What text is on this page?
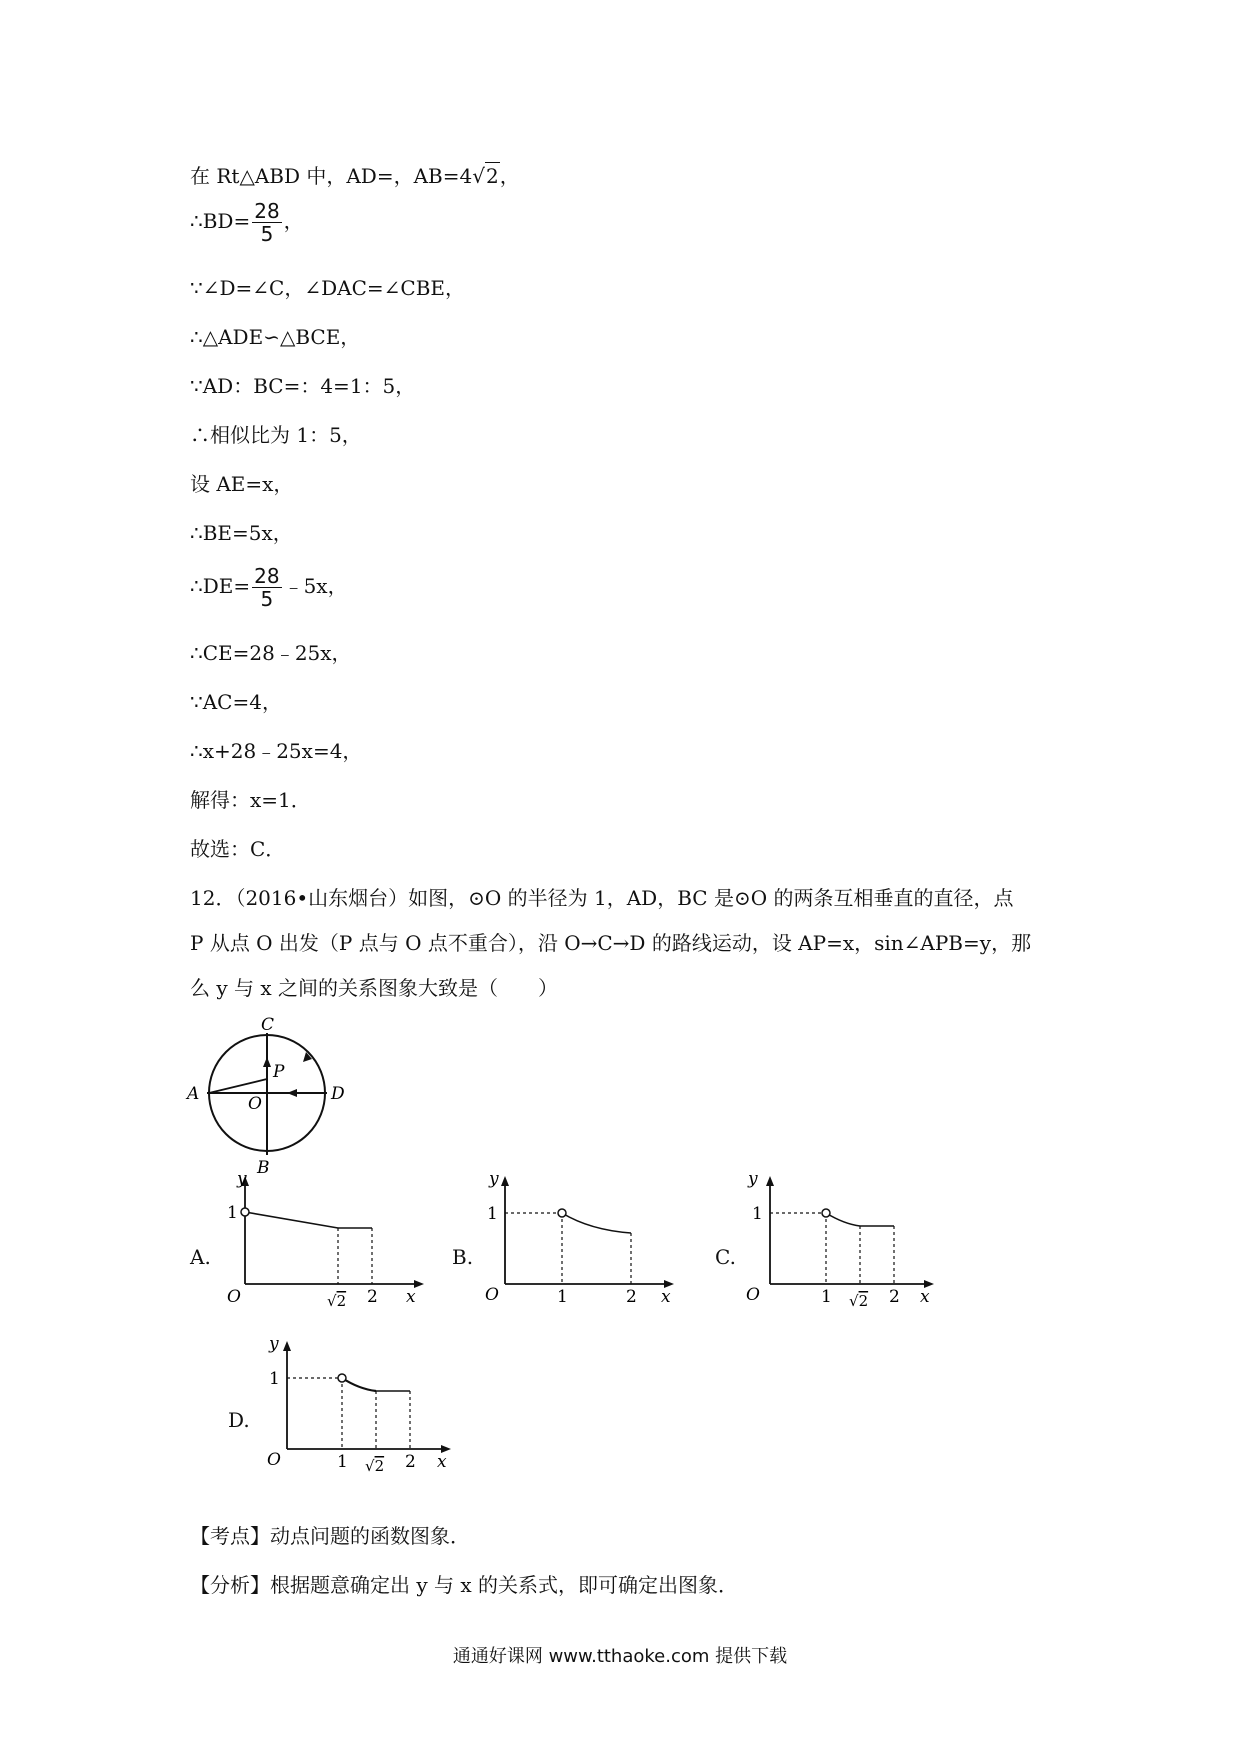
在 Rt△ABD 中，AD=，AB=4√2，
∴BD= $\frac{28}{5}$ ，
∵∠D=∠C，∠DAC=∠CBE，
∴△ADE∽△BCE，
∵AD：BC=：4=1：5，
∴相似比为 1：5，
设 AE=x，
∴BE=5x，
∴DE= $\frac{28}{5}$ ﹣5x，
∴CE=28﹣25x，
∵AC=4，
∴x+28﹣25x=4，
解得：x=1．
故选：C．
12．（2016•山东烟台）如图，⊙O 的半径为 1，AD，BC 是⊙O 的两条互相垂直的直径，点
P 从点 O 出发（P 点与 O 点不重合），沿 O→C→D 的路线运动，设 AP=x，sin∠APB=y，那
么 y 与 x 之间的关系图象大致是（　　）
C
A	O	D
B
P
A.
y
x
O
1
√2 2
B.
y
x
O
1
1	2
C.
y
x
O
1
1 √2 2
D.
y
x
O
1
1 √2 2
【考点】动点问题的函数图象．
【分析】根据题意确定出 y 与 x 的关系式，即可确定出图象．
通通好课网 www.tthaoke.com 提供下载
